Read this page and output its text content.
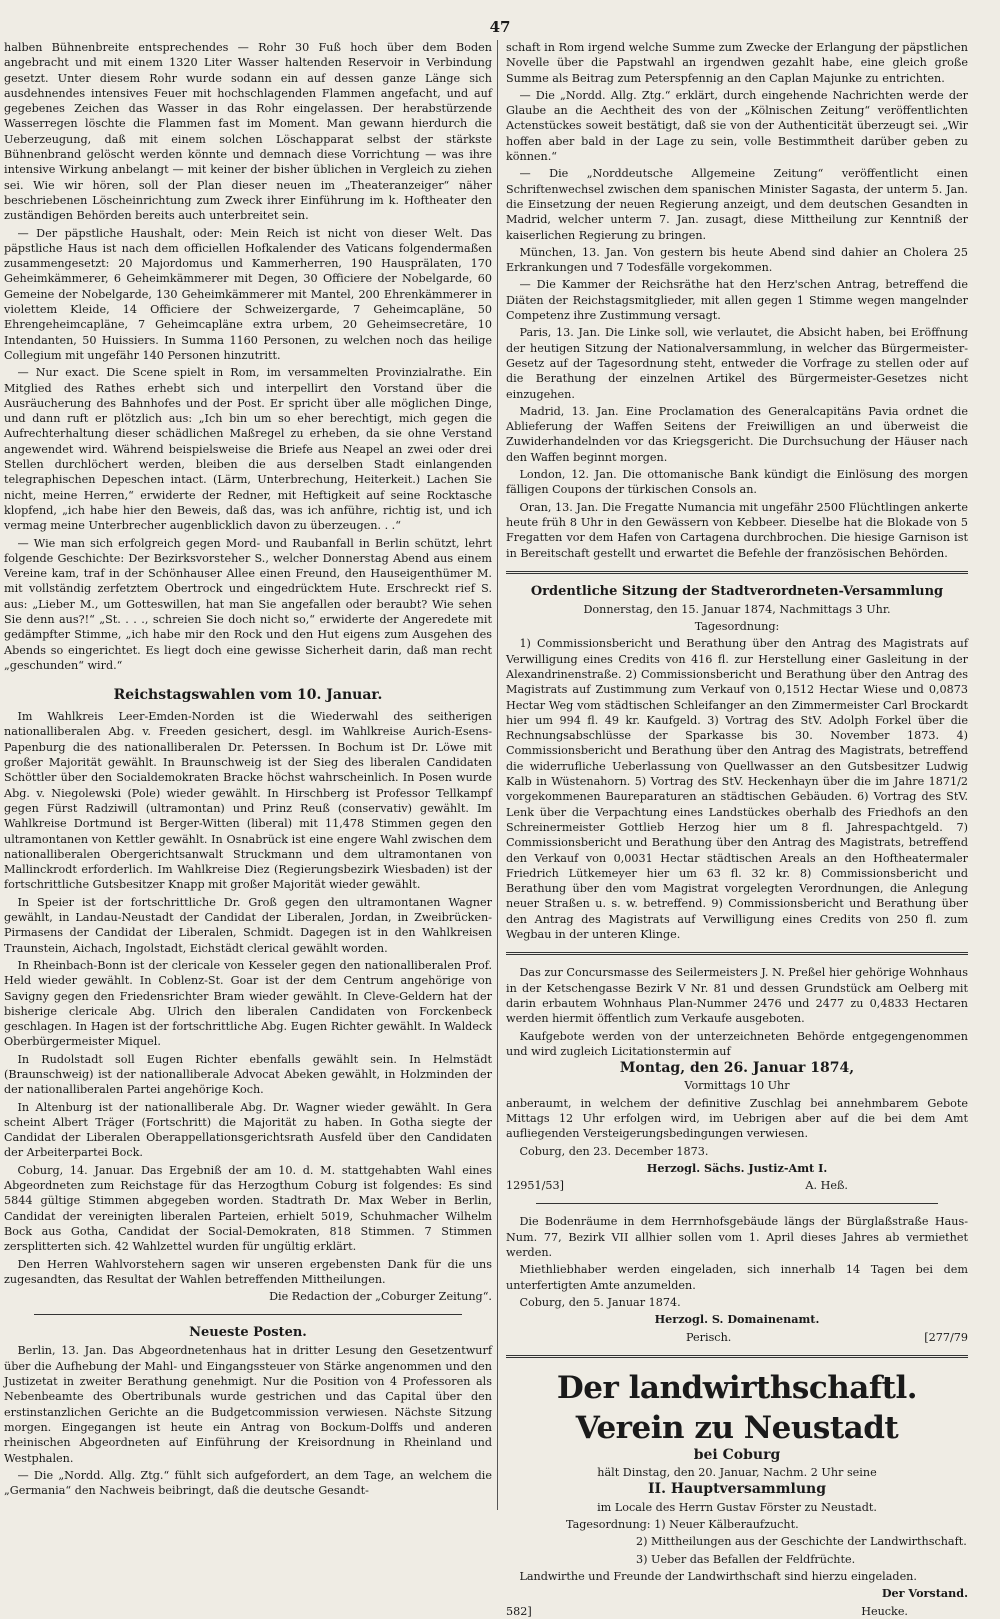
47

halben Bühnenbreite entsprechendes — Rohr 30 Fuß hoch über dem Boden angebracht und mit einem 1320 Liter Wasser haltenden Reservoir in Verbindung gesetzt. Unter diesem Rohr wurde sodann ein auf dessen ganze Länge sich ausdehnendes intensives Feuer mit hochschlagenden Flammen angefacht, und auf gegebenes Zeichen das Wasser in das Rohr eingelassen. Der herabstürzende Wasserregen löschte die Flammen fast im Moment. Man gewann hierdurch die Ueberzeugung, daß mit einem solchen Löschapparat selbst der stärkste Bühnenbrand gelöscht werden könnte und demnach diese Vorrichtung — was ihre intensive Wirkung anbelangt — mit keiner der bisher üblichen in Vergleich zu ziehen sei. Wie wir hören, soll der Plan dieser neuen im „Theateranzeiger“ näher beschriebenen Löscheinrichtung zum Zweck ihrer Einführung im k. Hoftheater den zuständigen Behörden bereits auch unterbreitet sein.

— Der päpstliche Haushalt, oder: Mein Reich ist nicht von dieser Welt. Das päpstliche Haus ist nach dem officiellen Hofkalender des Vaticans folgendermaßen zusammengesetzt: 20 Majordomus und Kammerherren, 190 Hausprälaten, 170 Geheimkämmerer, 6 Geheimkämmerer mit Degen, 30 Officiere der Nobelgarde, 60 Gemeine der Nobelgarde, 130 Geheimkämmerer mit Mantel, 200 Ehrenkämmerer in violettem Kleide, 14 Officiere der Schweizergarde, 7 Geheimcapläne, 50 Ehrengeheimcapläne, 7 Geheimcapläne extra urbem, 20 Geheimsecretäre, 10 Intendanten, 50 Huissiers. In Summa 1160 Personen, zu welchen noch das heilige Collegium mit ungefähr 140 Personen hinzutritt.

— Nur exact. Die Scene spielt in Rom, im versammelten Provinzialrathe. Ein Mitglied des Rathes erhebt sich und interpellirt den Vorstand über die Ausräucherung des Bahnhofes und der Post. Er spricht über alle möglichen Dinge, und dann ruft er plötzlich aus: „Ich bin um so eher berechtigt, mich gegen die Aufrechterhaltung dieser schädlichen Maßregel zu erheben, da sie ohne Verstand angewendet wird. Während beispielsweise die Briefe aus Neapel an zwei oder drei Stellen durchlöchert werden, bleiben die aus derselben Stadt einlangenden telegraphischen Depeschen intact. (Lärm, Unterbrechung, Heiterkeit.) Lachen Sie nicht, meine Herren,“ erwiderte der Redner, mit Heftigkeit auf seine Rocktasche klopfend, „ich habe hier den Beweis, daß das, was ich anführe, richtig ist, und ich vermag meine Unterbrecher augenblicklich davon zu überzeugen. . .“

— Wie man sich erfolgreich gegen Mord- und Raubanfall in Berlin schützt, lehrt folgende Geschichte: Der Bezirksvorsteher S., welcher Donnerstag Abend aus einem Vereine kam, traf in der Schönhauser Allee einen Freund, den Hauseigenthümer M. mit vollständig zerfetztem Obertrock und eingedrücktem Hute. Erschreckt rief S. aus: „Lieber M., um Gotteswillen, hat man Sie angefallen oder beraubt? Wie sehen Sie denn aus?!“ „St. . . ., schreien Sie doch nicht so,“ erwiderte der Angeredete mit gedämpfter Stimme, „ich habe mir den Rock und den Hut eigens zum Ausgehen des Abends so eingerichtet. Es liegt doch eine gewisse Sicherheit darin, daß man recht „geschunden“ wird.“

Reichstagswahlen vom 10. Januar.

Im Wahlkreis Leer-Emden-Norden ist die Wiederwahl des seitherigen nationalliberalen Abg. v. Freeden gesichert, desgl. im Wahlkreise Aurich-Esens-Papenburg die des nationalliberalen Dr. Peterssen. In Bochum ist Dr. Löwe mit großer Majorität gewählt. In Braunschweig ist der Sieg des liberalen Candidaten Schöttler über den Socialdemokraten Bracke höchst wahrscheinlich. In Posen wurde Abg. v. Niegolewski (Pole) wieder gewählt. In Hirschberg ist Professor Tellkampf gegen Fürst Radziwill (ultramontan) und Prinz Reuß (conservativ) gewählt. Im Wahlkreise Dortmund ist Berger-Witten (liberal) mit 11,478 Stimmen gegen den ultramontanen von Kettler gewählt. In Osnabrück ist eine engere Wahl zwischen dem nationalliberalen Obergerichtsanwalt Struckmann und dem ultramontanen von Mallinckrodt erforderlich. Im Wahlkreise Diez (Regierungsbezirk Wiesbaden) ist der fortschrittliche Gutsbesitzer Knapp mit großer Majorität wieder gewählt.

In Speier ist der fortschrittliche Dr. Groß gegen den ultramontanen Wagner gewählt, in Landau-Neustadt der Candidat der Liberalen, Jordan, in Zweibrücken-Pirmasens der Candidat der Liberalen, Schmidt. Dagegen ist in den Wahlkreisen Traunstein, Aichach, Ingolstadt, Eichstädt clerical gewählt worden.

In Rheinbach-Bonn ist der clericale von Kesseler gegen den nationalliberalen Prof. Held wieder gewählt. In Coblenz-St. Goar ist der dem Centrum angehörige von Savigny gegen den Friedensrichter Bram wieder gewählt. In Cleve-Geldern hat der bisherige clericale Abg. Ulrich den liberalen Candidaten von Forckenbeck geschlagen. In Hagen ist der fortschrittliche Abg. Eugen Richter gewählt. In Waldeck Oberbürgermeister Miquel.

In Rudolstadt soll Eugen Richter ebenfalls gewählt sein. In Helmstädt (Braunschweig) ist der nationalliberale Advocat Abeken gewählt, in Holzminden der der nationalliberalen Partei angehörige Koch.

In Altenburg ist der nationalliberale Abg. Dr. Wagner wieder gewählt. In Gera scheint Albert Träger (Fortschritt) die Majorität zu haben. In Gotha siegte der Candidat der Liberalen Oberappellationsgerichtsrath Ausfeld über den Candidaten der Arbeiterpartei Bock.

Coburg, 14. Januar. Das Ergebniß der am 10. d. M. stattgehabten Wahl eines Abgeordneten zum Reichstage für das Herzogthum Coburg ist folgendes: Es sind 5844 gültige Stimmen abgegeben worden. Stadtrath Dr. Max Weber in Berlin, Candidat der vereinigten liberalen Parteien, erhielt 5019, Schuhmacher Wilhelm Bock aus Gotha, Candidat der Social-Demokraten, 818 Stimmen. 7 Stimmen zersplitterten sich. 42 Wahlzettel wurden für ungültig erklärt.

Den Herren Wahlvorstehern sagen wir unseren ergebensten Dank für die uns zugesandten, das Resultat der Wahlen betreffenden Mittheilungen.

Die Redaction der „Coburger Zeitung“.

Neueste Posten.

Berlin, 13. Jan. Das Abgeordnetenhaus hat in dritter Lesung den Gesetzentwurf über die Aufhebung der Mahl- und Eingangssteuer von Stärke angenommen und den Justizetat in zweiter Berathung genehmigt. Nur die Position von 4 Professoren als Nebenbeamte des Obertribunals wurde gestrichen und das Capital über den erstinstanzlichen Gerichte an die Budgetcommission verwiesen. Nächste Sitzung morgen. Eingegangen ist heute ein Antrag von Bockum-Dolffs und anderen rheinischen Abgeordneten auf Einführung der Kreisordnung in Rheinland und Westphalen.

— Die „Nordd. Allg. Ztg.“ fühlt sich aufgefordert, an dem Tage, an welchem die „Germania“ den Nachweis beibringt, daß die deutsche Gesandt-

schaft in Rom irgend welche Summe zum Zwecke der Erlangung der päpstlichen Novelle über die Papstwahl an irgendwen gezahlt habe, eine gleich große Summe als Beitrag zum Peterspfennig an den Caplan Majunke zu entrichten.

— Die „Nordd. Allg. Ztg.“ erklärt, durch eingehende Nachrichten werde der Glaube an die Aechtheit des von der „Kölnischen Zeitung“ veröffentlichten Actenstückes soweit bestätigt, daß sie von der Authenticität überzeugt sei. „Wir hoffen aber bald in der Lage zu sein, volle Bestimmtheit darüber geben zu können.“

— Die „Norddeutsche Allgemeine Zeitung“ veröffentlicht einen Schriftenwechsel zwischen dem spanischen Minister Sagasta, der unterm 5. Jan. die Einsetzung der neuen Regierung anzeigt, und dem deutschen Gesandten in Madrid, welcher unterm 7. Jan. zusagt, diese Mittheilung zur Kenntniß der kaiserlichen Regierung zu bringen.

München, 13. Jan. Von gestern bis heute Abend sind dahier an Cholera 25 Erkrankungen und 7 Todesfälle vorgekommen.

— Die Kammer der Reichsräthe hat den Herz'schen Antrag, betreffend die Diäten der Reichstagsmitglieder, mit allen gegen 1 Stimme wegen mangelnder Competenz ihre Zustimmung versagt.

Paris, 13. Jan. Die Linke soll, wie verlautet, die Absicht haben, bei Eröffnung der heutigen Sitzung der Nationalversammlung, in welcher das Bürgermeister-Gesetz auf der Tagesordnung steht, entweder die Vorfrage zu stellen oder auf die Berathung der einzelnen Artikel des Bürgermeister-Gesetzes nicht einzugehen.

Madrid, 13. Jan. Eine Proclamation des Generalcapitäns Pavia ordnet die Ablieferung der Waffen Seitens der Freiwilligen an und überweist die Zuwiderhandelnden vor das Kriegsgericht. Die Durchsuchung der Häuser nach den Waffen beginnt morgen.

London, 12. Jan. Die ottomanische Bank kündigt die Einlösung des morgen fälligen Coupons der türkischen Consols an.

Oran, 13. Jan. Die Fregatte Numancia mit ungefähr 2500 Flüchtlingen ankerte heute früh 8 Uhr in den Gewässern von Kebbeer. Dieselbe hat die Blokade von 5 Fregatten vor dem Hafen von Cartagena durchbrochen. Die hiesige Garnison ist in Bereitschaft gestellt und erwartet die Befehle der französischen Behörden.

Ordentliche Sitzung der Stadtverordneten-Versammlung

Donnerstag, den 15. Januar 1874, Nachmittags 3 Uhr.

Tagesordnung:

1) Commissionsbericht und Berathung über den Antrag des Magistrats auf Verwilligung eines Credits von 416 fl. zur Herstellung einer Gasleitung in der Alexandrinenstraße. 2) Commissionsbericht und Berathung über den Antrag des Magistrats auf Zustimmung zum Verkauf von 0,1512 Hectar Wiese und 0,0873 Hectar Weg vom städtischen Schleifanger an den Zimmermeister Carl Brockardt hier um 994 fl. 49 kr. Kaufgeld. 3) Vortrag des StV. Adolph Forkel über die Rechnungsabschlüsse der Sparkasse bis 30. November 1873. 4) Commissionsbericht und Berathung über den Antrag des Magistrats, betreffend die widerrufliche Ueberlassung von Quellwasser an den Gutsbesitzer Ludwig Kalb in Wüstenahorn. 5) Vortrag des StV. Heckenhayn über die im Jahre 1871/2 vorgekommenen Baureparaturen an städtischen Gebäuden. 6) Vortrag des StV. Lenk über die Verpachtung eines Landstückes oberhalb des Friedhofs an den Schreinermeister Gottlieb Herzog hier um 8 fl. Jahrespachtgeld. 7) Commissionsbericht und Berathung über den Antrag des Magistrats, betreffend den Verkauf von 0,0031 Hectar städtischen Areals an den Hoftheatermaler Friedrich Lütkemeyer hier um 63 fl. 32 kr. 8) Commissionsbericht und Berathung über den vom Magistrat vorgelegten Verordnungen, die Anlegung neuer Straßen u. s. w. betreffend. 9) Commissionsbericht und Berathung über den Antrag des Magistrats auf Verwilligung eines Credits von 250 fl. zum Wegbau in der unteren Klinge.

Das zur Concursmasse des Seilermeisters J. N. Preßel hier gehörige Wohnhaus in der Ketschengasse Bezirk V Nr. 81 und dessen Grundstück am Oelberg mit darin erbautem Wohnhaus Plan-Nummer 2476 und 2477 zu 0,4833 Hectaren werden hiermit öffentlich zum Verkaufe ausgeboten.

Kaufgebote werden von der unterzeichneten Behörde entgegengenommen und wird zugleich Licitationstermin auf

Montag, den 26. Januar 1874,

Vormittags 10 Uhr

anberaumt, in welchem der definitive Zuschlag bei annehmbarem Gebote Mittags 12 Uhr erfolgen wird, im Uebrigen aber auf die bei dem Amt aufliegenden Versteigerungsbedingungen verwiesen.

Coburg, den 23. December 1873.

Herzogl. Sächs. Justiz-Amt I.

12951/53]	A. Heß.

Die Bodenräume in dem Herrnhofsgebäude längs der Bürglaßstraße Haus-Num. 77, Bezirk VII allhier sollen vom 1. April dieses Jahres ab vermiethet werden.

Miethliebhaber werden eingeladen, sich innerhalb 14 Tagen bei dem unterfertigten Amte anzumelden.

Coburg, den 5. Januar 1874.

Herzogl. S. Domainenamt.

Perisch.	[277/79
Der landwirthschaftl. Verein zu Neustadt

bei Coburg

hält Dinstag, den 20. Januar, Nachm. 2 Uhr seine

II. Hauptversammlung

im Locale des Herrn Gustav Förster zu Neustadt.

Tagesordnung: 1) Neuer Kälberaufzucht.

2) Mittheilungen aus der Geschichte der Landwirthschaft.

3) Ueber das Befallen der Feldfrüchte.

Landwirthe und Freunde der Landwirthschaft sind hierzu eingeladen.

Der Vorstand.

582]	Heucke.
